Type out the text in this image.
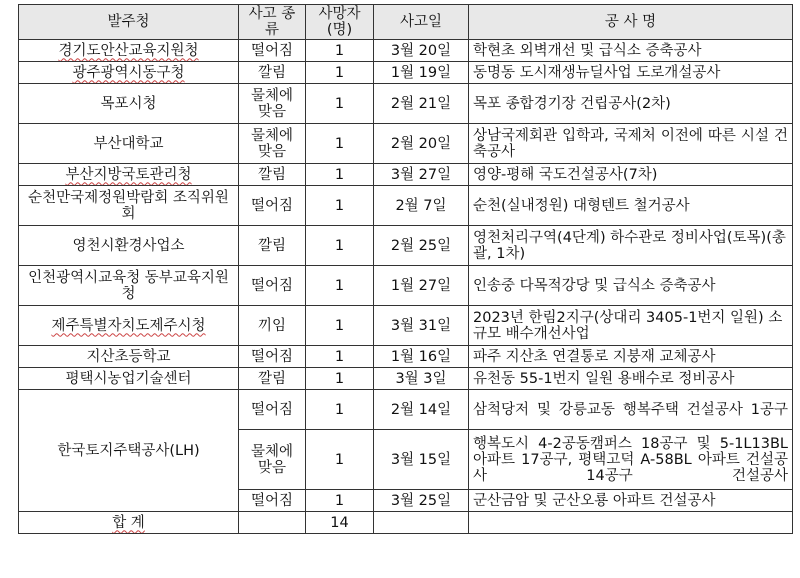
발주청	사고 종류	사망자 (명)	사고일	공 사 명
경기도안산교육지원청	떨어짐	1	3월 20일	학현초 외벽개선 및 급식소 증축공사
광주광역시동구청	깔림	1	1월 19일	동명동 도시재생뉴딜사업 도로개설공사
목포시청	물체에 맞음	1	2월 21일	목포 종합경기장 건립공사(2차)
부산대학교	물체에 맞음	1	2월 20일	상남국제회관 입학과, 국제처 이전에 따른 시설 건축공사
부산지방국토관리청	깔림	1	3월 27일	영양-평해 국도건설공사(7차)
순천만국제정원박람회 조직위원회	떨어짐	1	2월 7일	순천(실내정원) 대형텐트 철거공사
영천시환경사업소	깔림	1	2월 25일	영천처리구역(4단계) 하수관로 정비사업(토목)(총괄, 1차)
인천광역시교육청 동부교육지원청	떨어짐	1	1월 27일	인송중 다목적강당 및 급식소 증축공사
제주특별자치도제주시청	끼임	1	3월 31일	2023년 한림2지구(상대리 3405-1번지 일원) 소규모 배수개선사업
지산초등학교	떨어짐	1	1월 16일	파주 지산초 연결통로 지붕재 교체공사
평택시농업기술센터	깔림	1	3월 3일	유천동 55-1번지 일원 용배수로 정비공사
한국토지주택공사(LH)	떨어짐	1	2월 14일	삼척당저 및 강릉교동 행복주택 건설공사 1공구
	물체에 맞음	1	3월 15일	행복도시 4-2공동캠퍼스 18공구 및 5-1L13BL 아파트 17공구, 평택고덕 A-58BL 아파트 건설공사 14공구 건설공사
	떨어짐	1	3월 25일	군산금암 및 군산오룡 아파트 건설공사
합 계		14		
